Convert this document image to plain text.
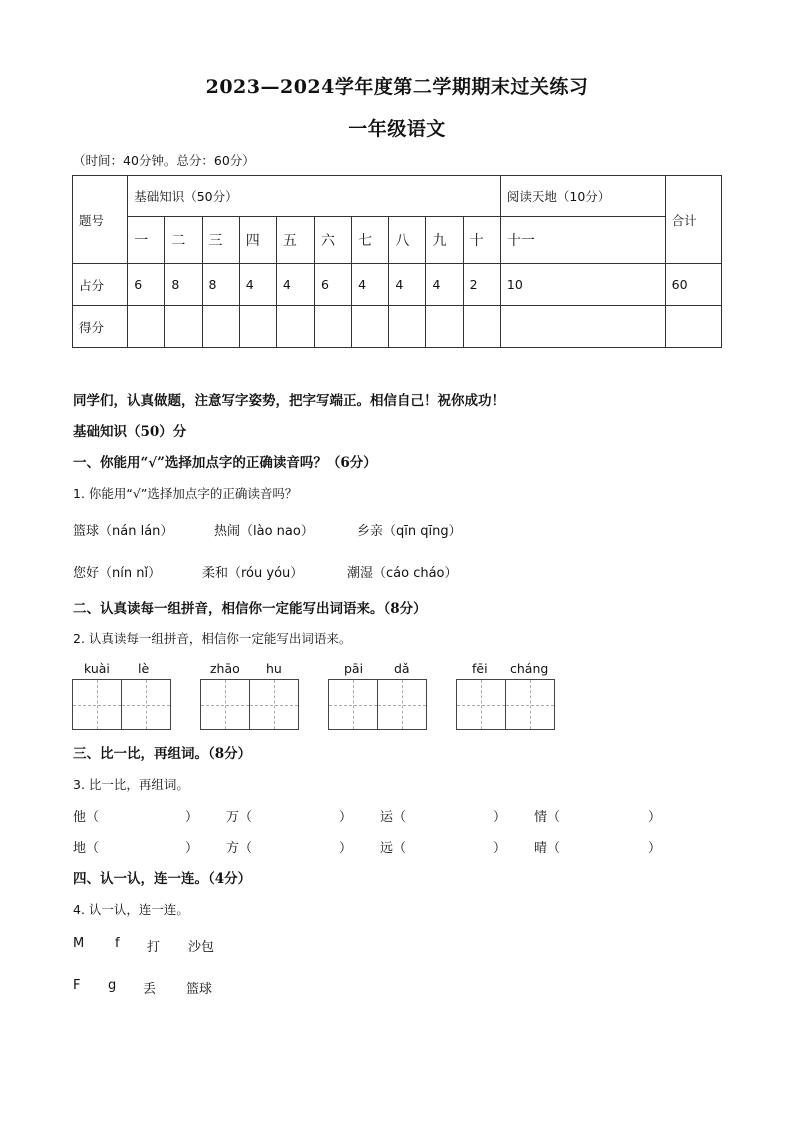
2023—2024学年度第二学期期末过关练习
一年级语文
（时间：40分钟。总分：60分）
题号	基础知识（50分）										阅读天地（10分）	合计
	一	二	三	四	五	六	七	八	九	十	十一	
占分	6	8	8	4	4	6	4	4	4	2	10	60
得分												
同学们，认真做题，注意写字姿势，把字写端正。相信自己！祝你成功！
基础知识（50）分
一、你能用“√”选择加点字的正确读音吗？（6分）
1. 你能用“√”选择加点字的正确读音吗？
篮球（nán lán）	热闹（lào nao）	乡亲（qīn qīng）
您好（nín nǐ）	柔和（róu yóu）	潮湿（cáo cháo）
二、认真读每一组拼音，相信你一定能写出词语来。（8分）
2. 认真读每一组拼音，相信你一定能写出词语来。
kuài lè	zhāo hu	pāi dǎ	fēi cháng
三、比一比，再组词。（8分）
3. 比一比，再组词。
他（	） 万（	） 运（	） 情（	）
地（	） 方（	） 远（	） 晴（	）
四、认一认，连一连。（4分）
4. 认一认，连一连。
M f 打 沙包
F g 丢 篮球
